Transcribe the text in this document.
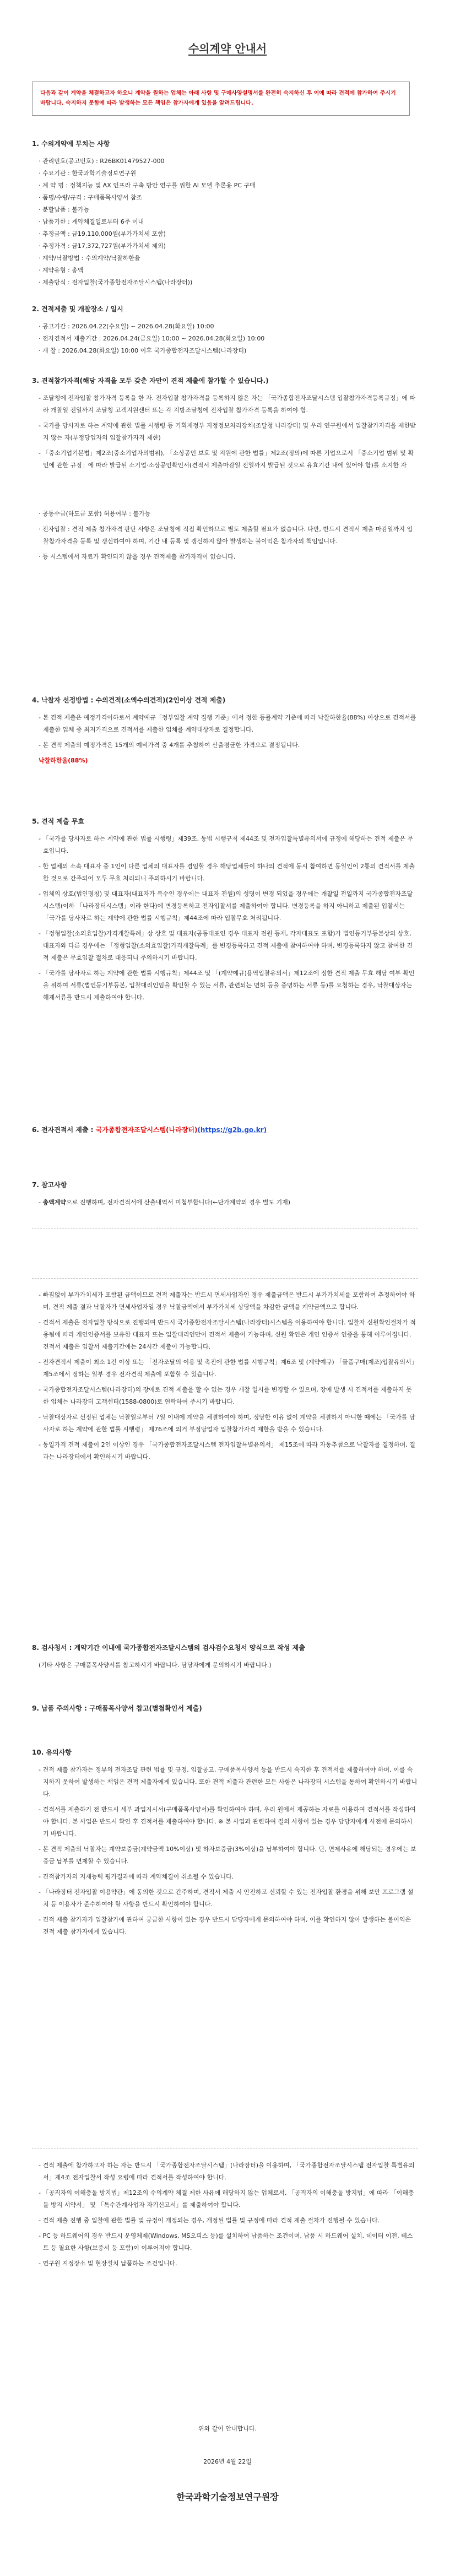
수의계약 안내서
다음과 같이 계약을 체결하고자 하오니 계약을 원하는 업체는 아래 사항 및 구매사양설명서를 완전히 숙지하신 후 이에 따라 견적에 참가하여 주시기 바랍니다. 숙지하지 못함에 따라 발생하는 모든 책임은 참가자에게 있음을 알려드립니다.
1. 수의계약에 부치는 사항
· 관리번호(공고번호) : R26BK01479527-000
· 수요기관 : 한국과학기술정보연구원
· 계 약 명 : 정책지능 및 AX 인프라 구축 방안 연구를 위한 AI 모델 추론용 PC 구매
· 품명/수량/규격 : 구매품목사양서 참조
· 분할납품 : 불가능
· 납품기한 : 계약체결일로부터 6주 이내
· 추정금액 : 금19,110,000원(부가가치세 포함)
· 추정가격 : 금17,372,727원(부가가치세 제외)
· 계약/낙찰방법 : 수의계약/낙찰하한율
· 계약유형 : 총액
· 제출방식 : 전자입찰(국가종합전자조달시스템(나라장터))
2. 견적제출 및 개찰장소 / 일시
· 공고기간 : 2026.04.22(수요일) ~ 2026.04.28(화요일) 10:00
· 전자견적서 제출기간 : 2026.04.24(금요일) 10:00 ~ 2026.04.28(화요일) 10:00
· 개 찰 : 2026.04.28(화요일) 10:00 이후 국가종합전자조달시스템(나라장터)
3. 견적참가자격(해당 자격을 모두 갖춘 자만이 견적 제출에 참가할 수 있습니다.)
- 조달청에 전자입찰 참가자격 등록을 한 자. 전자입찰 참가자격을 등록하지 않은 자는 「국가종합전자조달시스템 입찰참가자격등록규정」에 따라 개찰일 전일까지 조달청 고객지원센터 또는 각 지방조달청에 전자입찰 참가자격 등록을 하여야 함.
- 국가를 당사자로 하는 계약에 관한 법률 시행령 등 기획재정부 지정정보처리장치(조달청 나라장터) 및 우리 연구원에서 입찰참가자격을 제한받지 않는 자(부정당업자의 입찰참가자격 제한)
- 「중소기업기본법」제2조(중소기업자의범위), 「소상공인 보호 및 지원에 관한 법률」제2조(정의)에 따른 기업으로서 「중소기업 범위 및 확인에 관한 규정」에 따라 발급된 소기업·소상공인확인서(견적서 제출마감일 전일까지 발급된 것으로 유효기간 내에 있어야 함)를 소지한 자
· 공동수급(하도급 포함) 허용여부 : 불가능
· 전자입찰 : 견적 제출 참가자격 판단 사항은 조달청에 직접 확인하므로 별도 제출할 필요가 없습니다. 다만, 반드시 견적서 제출 마감일까지 입찰참가자격을 등록 및 갱신하여야 하며, 기간 내 등록 및 갱신하지 않아 발생하는 불이익은 참가자의 책임입니다.
· 등 시스템에서 자료가 확인되지 않을 경우 견적제출 참가자격이 없습니다.
4. 낙찰자 선정방법 : 수의견적(소액수의견적)(2인이상 견적 제출)
- 본 견적 제출은 예정가격이하로서 계약예규「정부입찰 계약 집행 기준」에서 정한 등률계약 기준에 따라 낙찰하한율(88%) 이상으로 견적서를 제출한 업체 중 최저가격으로 견적서를 제출한 업체를 계약대상자로 결정합니다.
- 본 견적 제출의 예정가격은 15개의 예비가격 중 4개를 추첨하여 산출평균한 가격으로 결정됩니다.
낙찰하한율(88%)
5. 견적 제출 무효
- 「국가를 당사자로 하는 계약에 관한 법률 시행령」제39조, 동법 시행규칙 제44조 및 전자입찰특별유의서에 규정에 해당하는 견적 제출은 무효입니다.
- 한 업체의 소속 대표자 중 1인이 다른 업체의 대표자를 겸임할 경우 해당업체들이 하나의 견적에 동시 참여하면 동일인이 2통의 견적서를 제출한 것으로 간주되어 모두 무효 처리되니 주의하시기 바랍니다.
- 업체의 상호(법인명칭) 및 대표자(대표자가 복수인 경우에는 대표자 전원)의 성명이 변경 되었을 경우에는 개찰일 전일까지 국가종합전자조달시스템(이하 「나라장터시스템」이라 한다)에 변경등록하고 전자입찰서를 제출하여야 합니다. 변경등록을 하지 아니하고 제출된 입찰서는 「국가를 당사자로 하는 계약에 관한 법률 시행규칙」제44조에 따라 입찰무효 처리됩니다.
- 「정형입찰(소의효입찰)가격개찰특례」상 상호 및 대표자(공동대표인 경우 대표자 전원 등재, 각자대표도 포함)가 법인등기부등본상의 상호, 대표자와 다른 경우에는 「정형입찰(소의효입찰)가격개찰특례」를 변경등록하고 견적 제출에 참여하여야 하며, 변경등록하지 않고 참여한 견적 제출은 무효입찰 절차로 대응되니 주의하시기 바랍니다.
- 「국가를 당사자로 하는 계약에 관한 법률 시행규칙」제44조 및 「(계약예규)용역입찰유의서」제12조에 정한 견적 제출 무효 해당 여부 확인을 위하여 서류(법인등기부등본, 입찰대리인임을 확인할 수 있는 서류, 관련되는 면허 등을 증명하는 서류 등)를 요청하는 경우, 낙찰대상자는 해제서류를 반드시 제출하여야 합니다.
6. 전자견적서 제출 : 국가종합전자조달시스템(나라장터)(https://g2b.go.kr)
7. 참고사항
- 총액계약으로 진행하며, 전자견적서에 산출내역서 미첨부합니다(←단가계약의 경우 별도 기재)
- 빠짐없이 부가가치세가 포함된 금액이므로 견적 제출자는 반드시 면세사업자인 경우 제출금액은 반드시 부가가치세를 포함하여 추정하여야 하며, 견적 제출 결과 낙찰자가 면세사업자일 경우 낙찰금액에서 부가가치세 상당액을 차감한 금액을 계약금액으로 합니다.
- 견적서 제출은 전자입찰 방식으로 진행되며 반드시 국가종합전자조달시스템(나라장터)시스템을 이용하여야 합니다. 입찰자 신원확인절차가 적용됨에 따라 개인인증서를 보유한 대표자 또는 입찰대리인만이 견적서 제출이 가능하며, 신원 확인은 개인 인증서 인증을 통해 이루어집니다. 견적서 제출은 입찰서 제출기간에는 24시간 제출이 가능합니다.
- 전자견적서 제출이 최소 1건 이상 또는 「전자조달의 이용 및 촉진에 관한 법률 시행규칙」제6조 및 (계약예규) 「물품구매(제조)입찰유의서」제5조에서 정하는 일부 경우 전자견적 제출에 포함할 수 있습니다.
- 국가종합전자조달시스템(나라장터)의 장애로 견적 제출을 할 수 없는 경우 개찰 일시를 변경할 수 있으며, 장애 발생 시 견적서를 제출하지 못한 업체는 나라장터 고객센터(1588-0800)로 연락하여 주시기 바랍니다.
- 낙찰대상자로 선정된 업체는 낙찰일로부터 7일 이내에 계약을 체결하여야 하며, 정당한 이유 없이 계약을 체결하지 아니한 때에는 「국가를 당사자로 하는 계약에 관한 법률 시행령」 제76조에 의거 부정당업자 입찰참가자격 제한을 받을 수 있습니다.
- 동일가격 견적 제출이 2인 이상인 경우 「국가종합전자조달시스템 전자입찰특별유의서」 제15조에 따라 자동추첨으로 낙찰자를 결정하며, 결과는 나라장터에서 확인하시기 바랍니다.
8. 검사청서 : 계약기간 이내에 국가종합전자조달시스템의 검사검수요청서 양식으로 작성 제출
(기타 사항은 구매품목사양서를 참고하시기 바랍니다. 담당자에게 문의하시기 바랍니다.)
9. 납품 주의사항 : 구매품목사양서 참고(별첨확인서 제출)
10. 유의사항
- 견적 제출 참가자는 정부의 전자조달 관련 법률 및 규정, 입찰공고, 구매품목사양서 등을 반드시 숙지한 후 견적서를 제출하여야 하며, 이를 숙지하지 못하여 발생하는 책임은 견적 제출자에게 있습니다. 또한 견적 제출과 관련한 모든 사항은 나라장터 시스템을 통하여 확인하시기 바랍니다.
- 견적서를 제출하기 전 반드시 세부 과업지시서(구매품목사양서)를 확인하여야 하며, 우리 원에서 제공하는 자료를 이용하여 견적서를 작성하여야 합니다. 본 사업은 반드시 확인 후 견적서를 제출하여야 합니다. ※ 본 사업과 관련하여 질의 사항이 있는 경우 담당자에게 사전에 문의하시기 바랍니다.
- 본 견적 제출의 낙찰자는 계약보증금(계약금액 10%이상) 및 하자보증금(3%이상)을 납부하여야 합니다. 단, 면제사유에 해당되는 경우에는 보증금 납부를 면제할 수 있습니다.
- 견적참가자의 지재능력 평가결과에 따라 계약체결이 취소될 수 있습니다.
- 「나라장터 전자입찰 이용약관」에 동의한 것으로 간주하며, 견적서 제출 시 안전하고 신뢰할 수 있는 전자입찰 환경을 위해 보안 프로그램 설치 등 이용자가 준수하여야 할 사항을 반드시 확인하여야 합니다.
- 견적 제출 참가자가 입찰참가에 관하여 궁금한 사항이 있는 경우 반드시 담당자에게 문의하여야 하며, 이를 확인하지 않아 발생하는 불이익은 견적 제출 참가자에게 있습니다.
- 견적 제출에 참가하고자 하는 자는 반드시 「국가종합전자조달시스템」(나라장터)을 이용하며, 「국가종합전자조달시스템 전자입찰 특별유의서」제4조 전자입찰서 작성 요령에 따라 견적서를 작성하여야 합니다.
- 「공직자의 이해충돌 방지법」제12조의 수의계약 체결 제한 사유에 해당하지 않는 업체로서, 「공직자의 이해충돌 방지법」에 따라 「이해충돌 방지 서약서」 및 「특수관계사업자 자기신고서」를 제출하여야 합니다.
- 견적 제출 진행 중 입찰에 관한 법률 및 규정이 개정되는 경우, 개정된 법률 및 규정에 따라 견적 제출 절차가 진행될 수 있습니다.
- PC 등 하드웨어의 경우 반드시 운영체제(Windows, MS오피스 등)를 설치하여 납품하는 조건이며, 납품 시 하드웨어 설치, 데이터 이전, 테스트 등 필요한 사항(보증서 등 포함)이 이루어져야 합니다.
- 연구원 지정장소 및 현장설치 납품하는 조건입니다.
위와 같이 안내합니다.
2026년 4월 22일
한국과학기술정보연구원장
